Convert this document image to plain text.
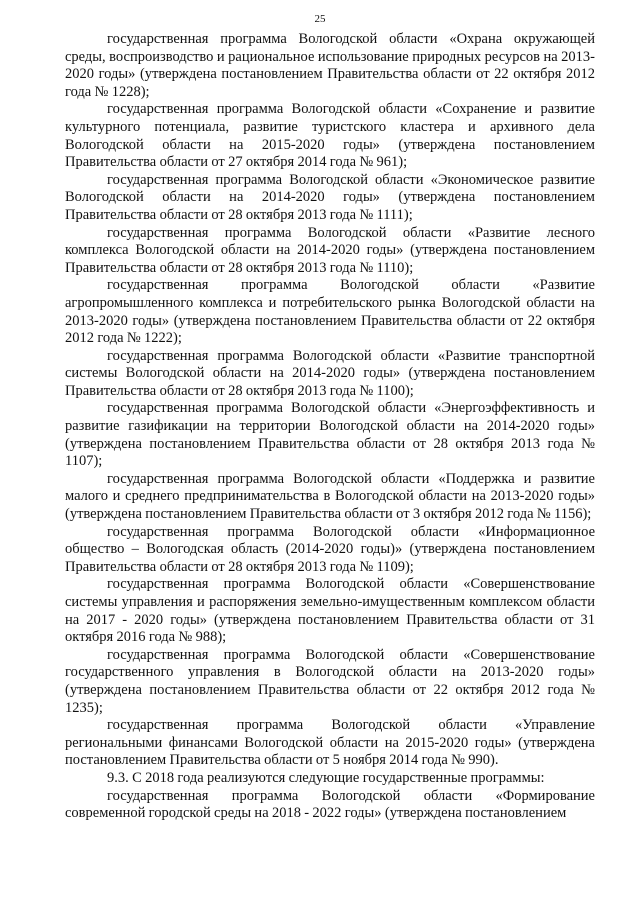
25

государственная программа Вологодской области «Охрана окружающей среды, воспроизводство и рациональное использование природных ресурсов на 2013-2020 годы» (утверждена постановлением Правительства области от 22 октября 2012 года № 1228);

государственная программа Вологодской области «Сохранение и развитие культурного потенциала, развитие туристского кластера и архивного дела Вологодской области на 2015-2020 годы» (утверждена постановлением Правительства области от 27 октября 2014 года № 961);

государственная программа Вологодской области «Экономическое развитие Вологодской области на 2014-2020 годы» (утверждена постановлением Правительства области от 28 октября 2013 года № 1111);

государственная программа Вологодской области «Развитие лесного комплекса Вологодской области на 2014-2020 годы» (утверждена постановлением Правительства области от 28 октября 2013 года № 1110);

государственная программа Вологодской области «Развитие агропромышленного комплекса и потребительского рынка Вологодской области на 2013-2020 годы» (утверждена постановлением Правительства области от 22 октября 2012 года № 1222);

государственная программа Вологодской области «Развитие транспортной системы Вологодской области на 2014-2020 годы» (утверждена постановлением Правительства области от 28 октября 2013 года № 1100);

государственная программа Вологодской области «Энергоэффективность и развитие газификации на территории Вологодской области на 2014-2020 годы» (утверждена постановлением Правительства области от 28 октября 2013 года № 1107);

государственная программа Вологодской области «Поддержка и развитие малого и среднего предпринимательства в Вологодской области на 2013-2020 годы» (утверждена постановлением Правительства области от 3 октября 2012 года № 1156);

государственная программа Вологодской области «Информационное общество – Вологодская область (2014-2020 годы)» (утверждена постановлением Правительства области от 28 октября 2013 года № 1109);

государственная программа Вологодской области «Совершенствование системы управления и распоряжения земельно-имущественным комплексом области на 2017 - 2020 годы» (утверждена постановлением Правительства области от 31 октября 2016 года № 988);

государственная программа Вологодской области «Совершенствование государственного управления в Вологодской области на 2013-2020 годы» (утверждена постановлением Правительства области от 22 октября 2012 года № 1235);

государственная программа Вологодской области «Управление региональными финансами Вологодской области на 2015-2020 годы» (утверждена постановлением Правительства области от 5 ноября 2014 года № 990).

9.3. С 2018 года реализуются следующие государственные программы:

государственная программа Вологодской области «Формирование современной городской среды на 2018 - 2022 годы» (утверждена постановлением
